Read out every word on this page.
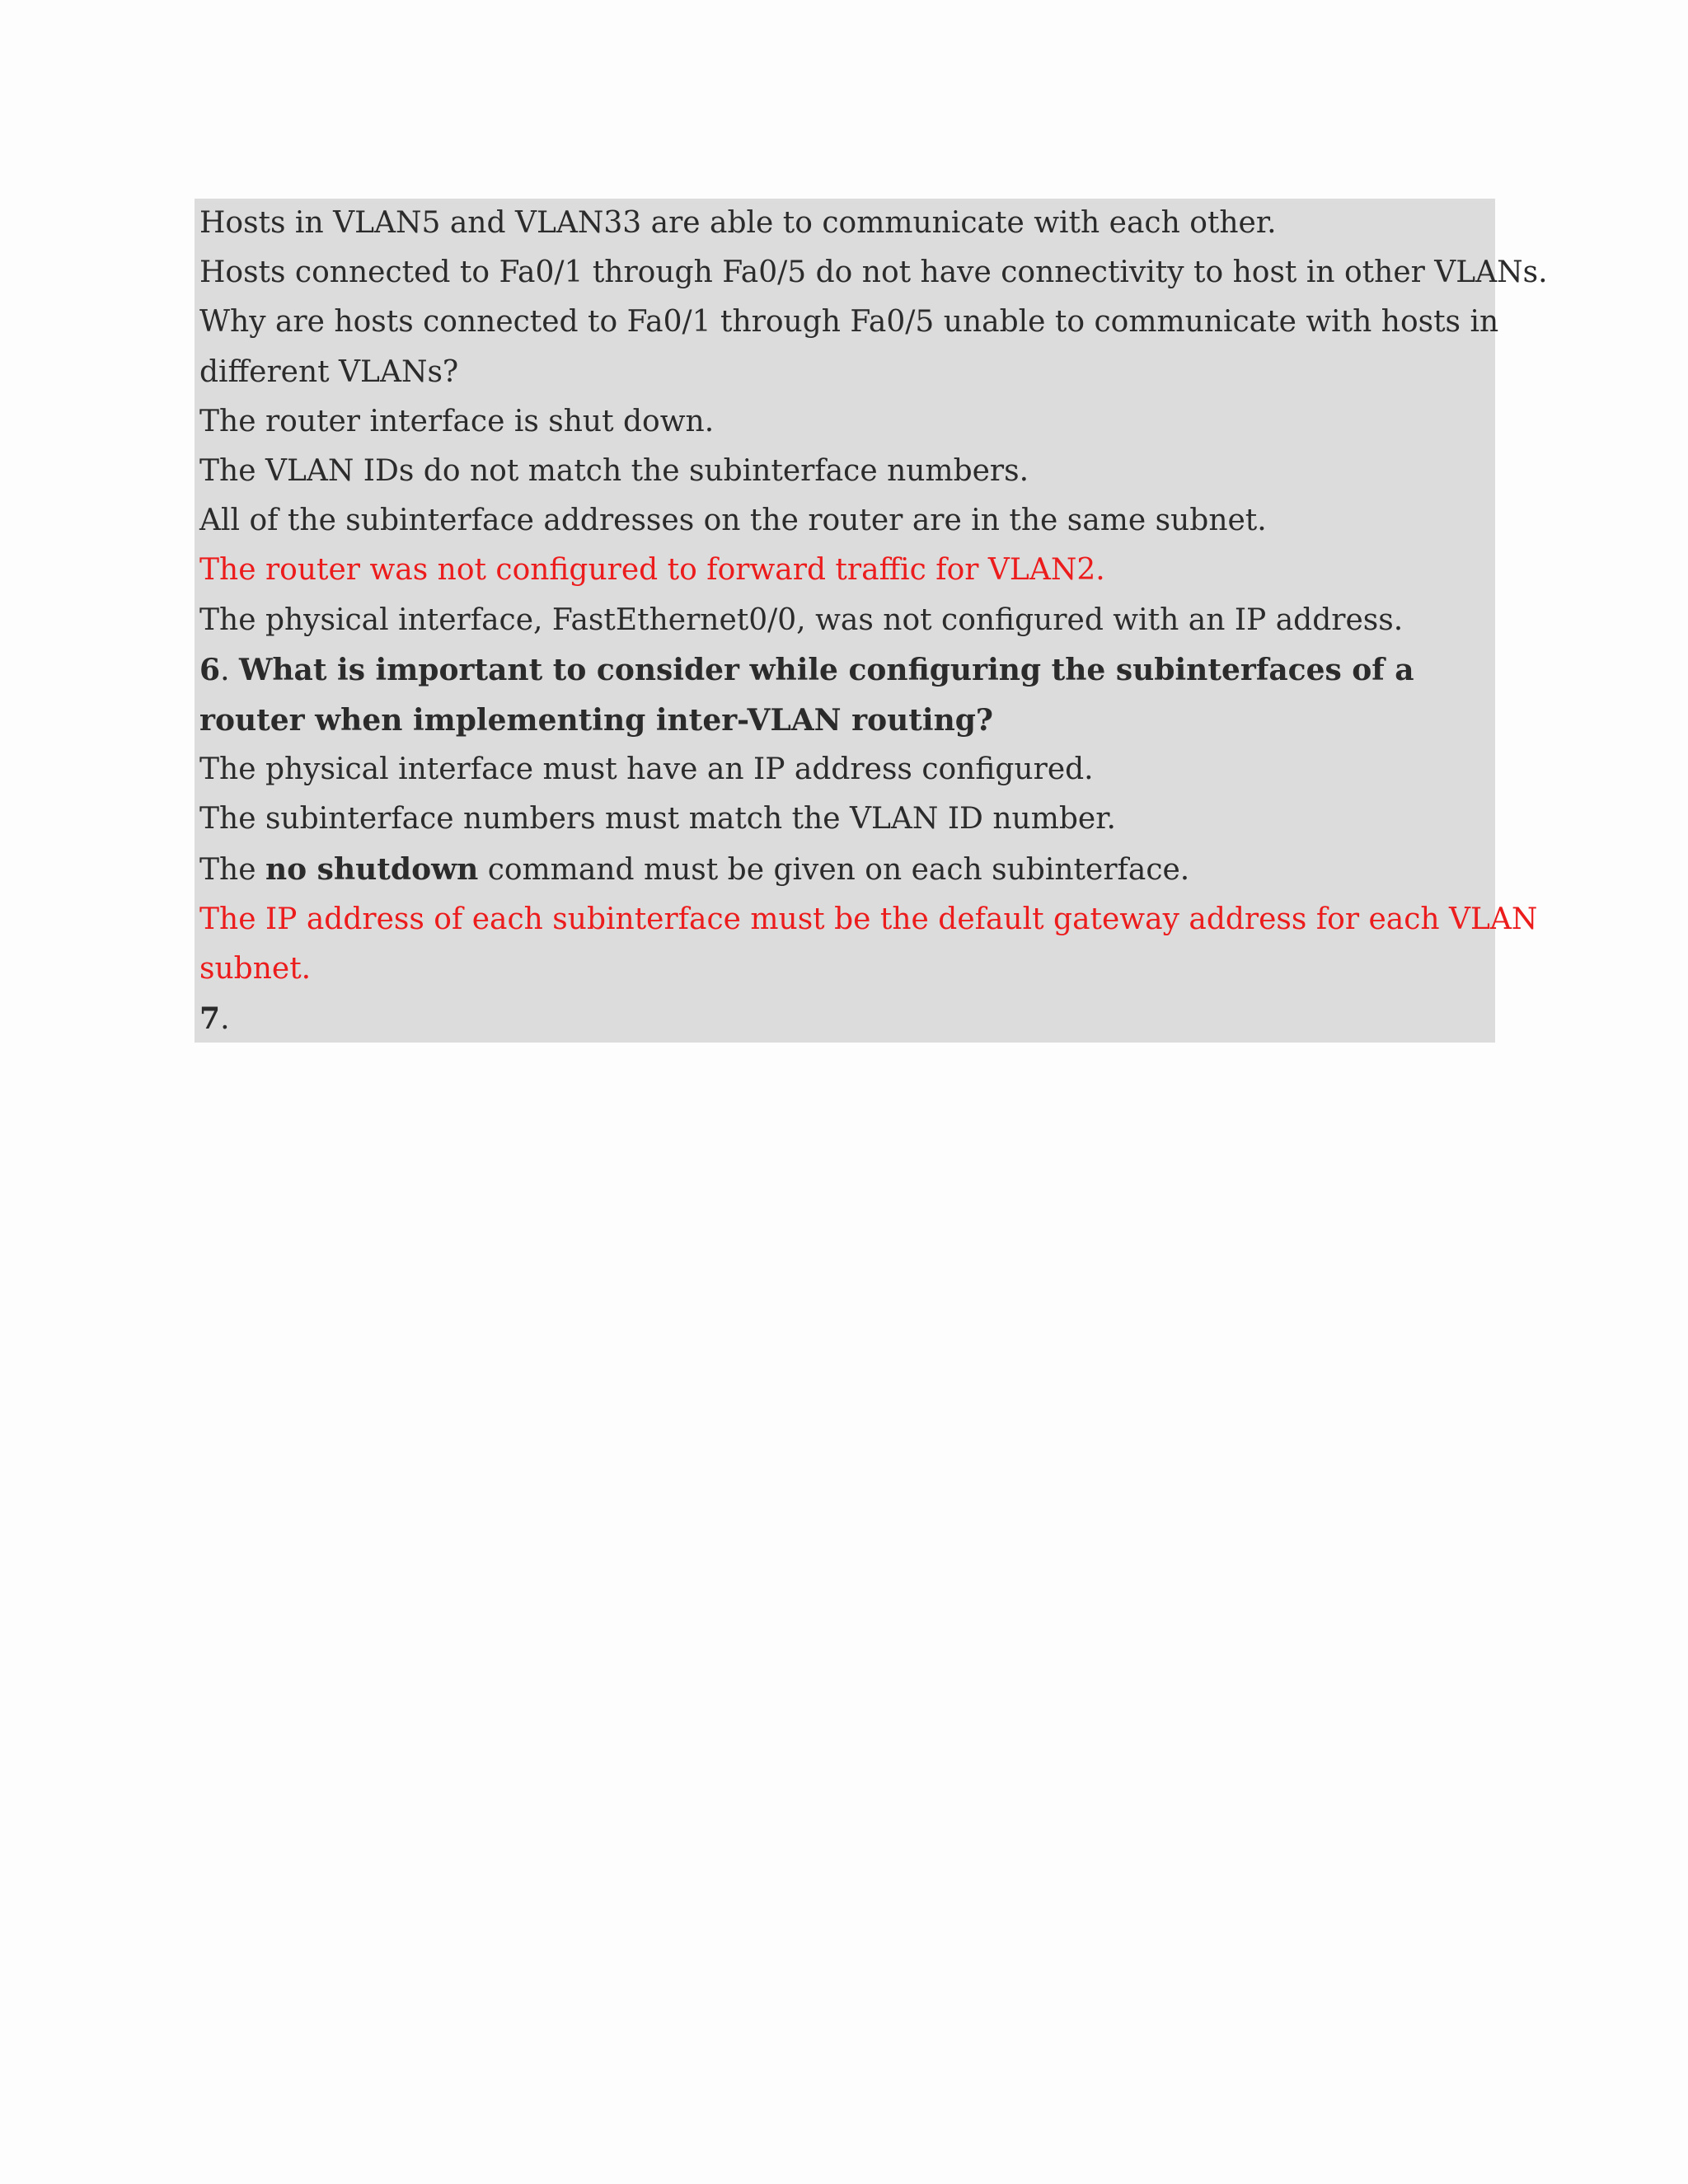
Hosts in VLAN5 and VLAN33 are able to communicate with each other.
Hosts connected to Fa0/1 through Fa0/5 do not have connectivity to host in other VLANs.
Why are hosts connected to Fa0/1 through Fa0/5 unable to communicate with hosts in
different VLANs?
The router interface is shut down.
The VLAN IDs do not match the subinterface numbers.
All of the subinterface addresses on the router are in the same subnet.
The router was not configured to forward traffic for VLAN2.
The physical interface, FastEthernet0/0, was not configured with an IP address.
6. What is important to consider while configuring the subinterfaces of a
router when implementing inter-VLAN routing?
The physical interface must have an IP address configured.
The subinterface numbers must match the VLAN ID number.
The no shutdown command must be given on each subinterface.
The IP address of each subinterface must be the default gateway address for each VLAN
subnet.
7.
